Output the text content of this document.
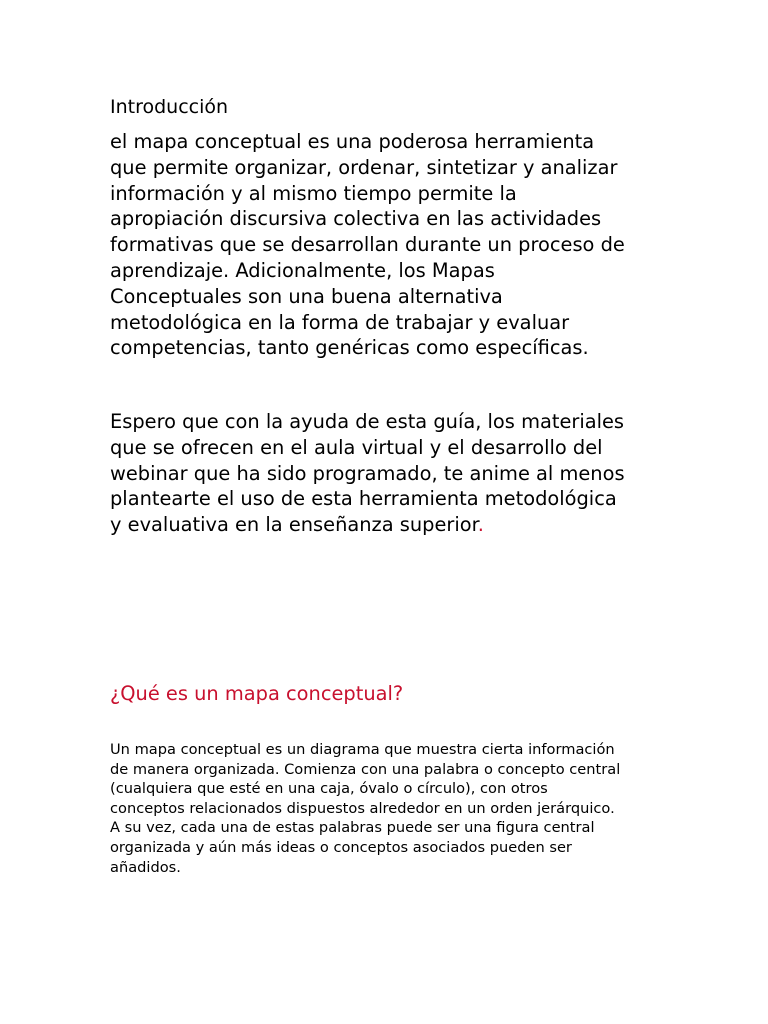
Introducción

el mapa conceptual es una poderosa herramienta
que permite organizar, ordenar, sintetizar y analizar
información y al mismo tiempo permite la
apropiación discursiva colectiva en las actividades
formativas que se desarrollan durante un proceso de
aprendizaje. Adicionalmente, los Mapas
Conceptuales son una buena alternativa
metodológica en la forma de trabajar y evaluar
competencias, tanto genéricas como específicas.

Espero que con la ayuda de esta guía, los materiales
que se ofrecen en el aula virtual y el desarrollo del
webinar que ha sido programado, te anime al menos
plantearte el uso de esta herramienta metodológica
y evaluativa en la enseñanza superior.

¿Qué es un mapa conceptual?

Un mapa conceptual es un diagrama que muestra cierta información
de manera organizada. Comienza con una palabra o concepto central
(cualquiera que esté en una caja, óvalo o círculo), con otros
conceptos relacionados dispuestos alrededor en un orden jerárquico.
A su vez, cada una de estas palabras puede ser una figura central
organizada y aún más ideas o conceptos asociados pueden ser
añadidos.
